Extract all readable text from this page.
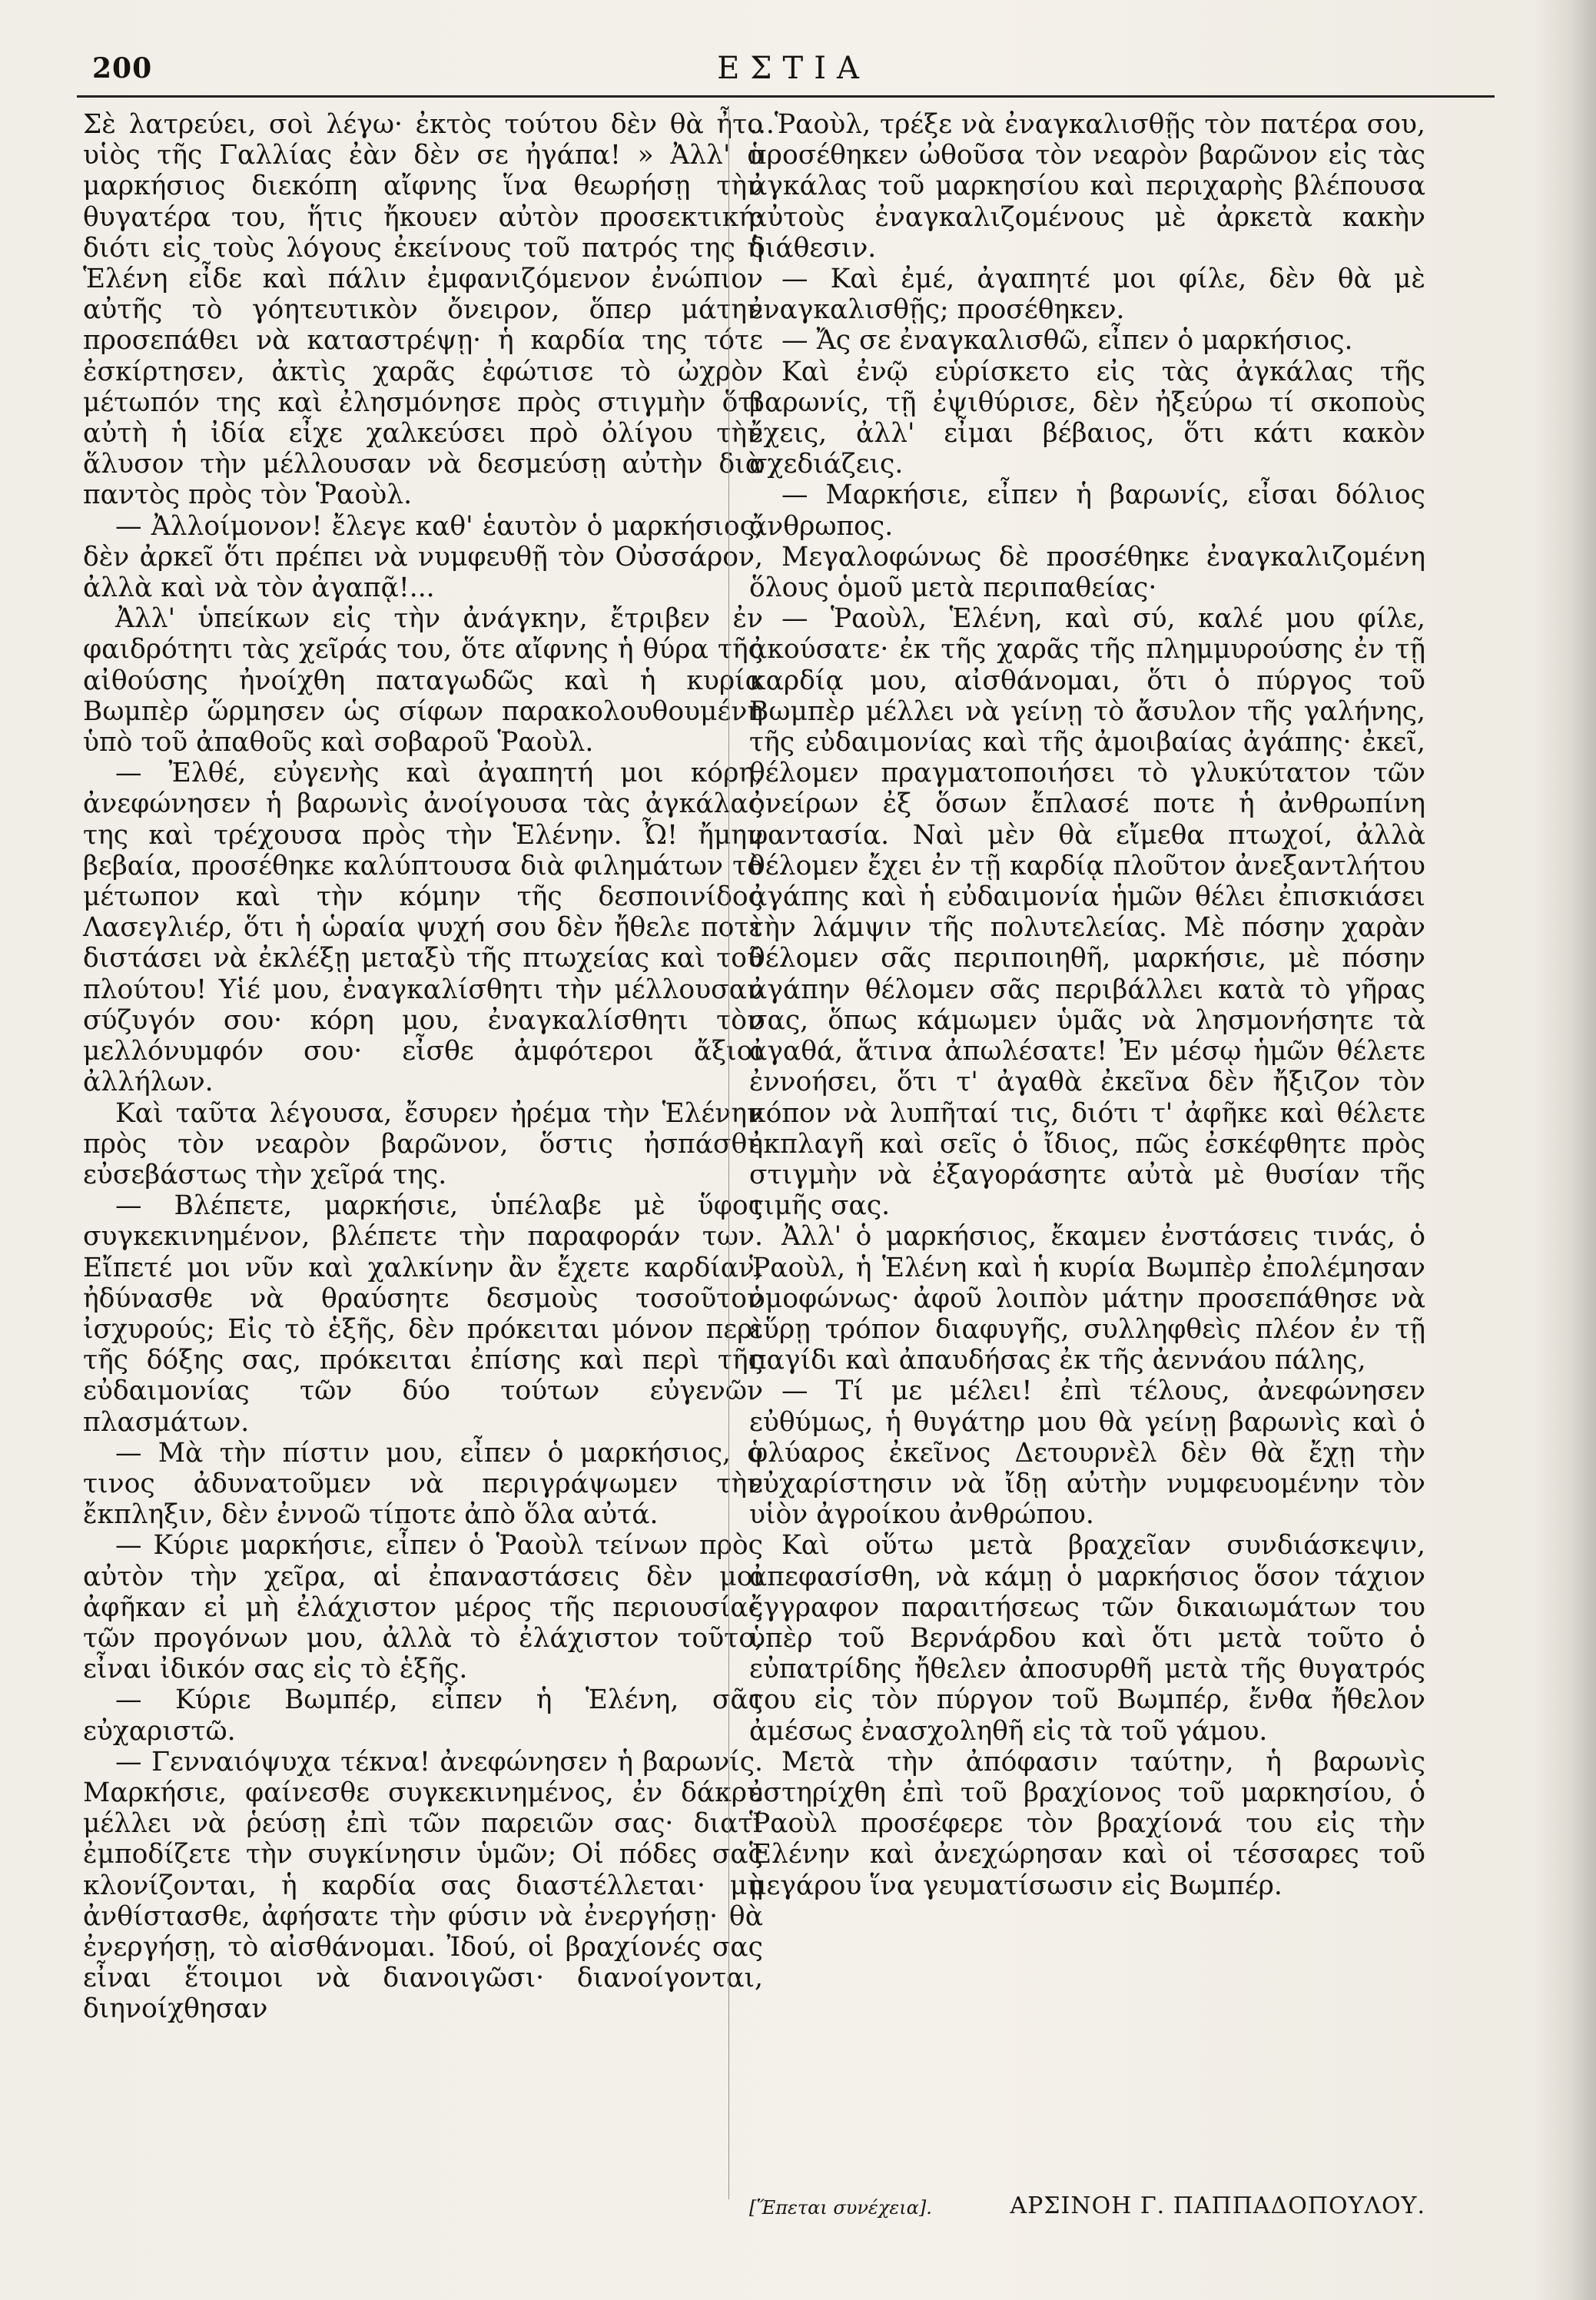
200	ΕΣΤΙΑ

Σὲ λατρεύει, σοὶ λέγω· ἐκτὸς τούτου δὲν θὰ ἦτο υἱὸς τῆς Γαλλίας ἐὰν δὲν σε ἠγάπα! » Ἀλλ' ὁ μαρκήσιος διεκόπη αἴφνης ἵνα θεωρήσῃ τὴν θυγατέρα του, ἥτις ἤκουεν αὐτὸν προσεκτική· διότι εἰς τοὺς λόγους ἐκείνους τοῦ πατρός της ἡ Ἑλένη εἶδε καὶ πάλιν ἐμφανιζόμενον ἐνώπιον αὐτῆς τὸ γόητευτικὸν ὄνειρον, ὅπερ μάτην προσεπάθει νὰ καταστρέψῃ· ἡ καρδία της τότε ἐσκίρτησεν, ἀκτὶς χαρᾶς ἐφώτισε τὸ ὠχρὸν μέτωπόν της καὶ ἐλησμόνησε πρὸς στιγμὴν ὅτι αὐτὴ ἡ ἰδία εἶχε χαλκεύσει πρὸ ὀλίγου τὴν ἅλυσον τὴν μέλλουσαν νὰ δεσμεύσῃ αὐτὴν διὰ παντὸς πρὸς τὸν Ῥαοὺλ.

— Ἀλλοίμονον! ἔλεγε καθ' ἑαυτὸν ὁ μαρκήσιος, δὲν ἀρκεῖ ὅτι πρέπει νὰ νυμφευθῇ τὸν Οὐσσάρον, ἀλλὰ καὶ νὰ τὸν ἀγαπᾷ!...

Ἀλλ' ὑπείκων εἰς τὴν ἀνάγκην, ἔτριβεν ἐν φαιδρότητι τὰς χεῖράς του, ὅτε αἴφνης ἡ θύρα τῆς αἰθούσης ἠνοίχθη παταγωδῶς καὶ ἡ κυρία Βωμπὲρ ὥρμησεν ὡς σίφων παρακολουθουμένη ὑπὸ τοῦ ἀπαθοῦς καὶ σοβαροῦ Ῥαοὺλ.

— Ἐλθέ, εὐγενὴς καὶ ἀγαπητή μοι κόρη, ἀνεφώνησεν ἡ βαρωνὶς ἀνοίγουσα τὰς ἀγκάλας της καὶ τρέχουσα πρὸς τὴν Ἑλένην. Ὦ! ἤμην βεβαία, προσέθηκε καλύπτουσα διὰ φιλημάτων τὸ μέτωπον καὶ τὴν κόμην τῆς δεσποινίδος Λασεγλιέρ, ὅτι ἡ ὡραία ψυχή σου δὲν ἤθελε ποτὲ διστάσει νὰ ἐκλέξῃ μεταξὺ τῆς πτωχείας καὶ τοῦ πλούτου! Υἱέ μου, ἐναγκαλίσθητι τὴν μέλλουσαν σύζυγόν σου· κόρη μου, ἐναγκαλίσθητι τὸν μελλόνυμφόν σου· εἶσθε ἀμφότεροι ἄξιοι ἀλλήλων.

Καὶ ταῦτα λέγουσα, ἔσυρεν ἠρέμα τὴν Ἑλένην πρὸς τὸν νεαρὸν βαρῶνον, ὅστις ἠσπάσθη εὐσεβάστως τὴν χεῖρά της.

— Βλέπετε, μαρκήσιε, ὑπέλαβε μὲ ὕφος συγκεκινημένον, βλέπετε τὴν παραφοράν των. Εἴπετέ μοι νῦν καὶ χαλκίνην ἂν ἔχετε καρδίαν, ἠδύνασθε νὰ θραύσητε δεσμοὺς τοσοῦτον ἰσχυρούς; Εἰς τὸ ἑξῆς, δὲν πρόκειται μόνον περὶ τῆς δόξης σας, πρόκειται ἐπίσης καὶ περὶ τῆς εὐδαιμονίας τῶν δύο τούτων εὐγενῶν πλασμάτων.

— Μὰ τὴν πίστιν μου, εἶπεν ὁ μαρκήσιος, ὁ τινος ἀδυνατοῦμεν νὰ περιγράψωμεν τὴν ἔκπληξιν, δὲν ἐννοῶ τίποτε ἀπὸ ὅλα αὐτά.

— Κύριε μαρκήσιε, εἶπεν ὁ Ῥαοὺλ τείνων πρὸς αὐτὸν τὴν χεῖρα, αἱ ἐπαναστάσεις δὲν μοι ἀφῆκαν εἰ μὴ ἐλάχιστον μέρος τῆς περιουσίας τῶν προγόνων μου, ἀλλὰ τὸ ἐλάχιστον τοῦτο, εἶναι ἰδικόν σας εἰς τὸ ἑξῆς.

— Κύριε Βωμπέρ, εἶπεν ἡ Ἑλένη, σᾶς εὐχαριστῶ.

— Γενναιόψυχα τέκνα! ἀνεφώνησεν ἡ βαρωνίς. Μαρκήσιε, φαίνεσθε συγκεκινημένος, ἐν δάκρυ μέλλει νὰ ῥεύσῃ ἐπὶ τῶν παρειῶν σας· διατί ἐμποδίζετε τὴν συγκίνησιν ὑμῶν; Οἱ πόδες σας κλονίζονται, ἡ καρδία σας διαστέλλεται· μὴ ἀνθίστασθε, ἀφήσατε τὴν φύσιν νὰ ἐνεργήσῃ· θὰ ἐνεργήσῃ, τὸ αἰσθάνομαι. Ἰδού, οἱ βραχίονές σας εἶναι ἕτοιμοι νὰ διανοιγῶσι· διανοίγονται, διηνοίχθησαν

...Ῥαοὺλ, τρέξε νὰ ἐναγκαλισθῇς τὸν πατέρα σου, προσέθηκεν ὠθοῦσα τὸν νεαρὸν βαρῶνον εἰς τὰς ἀγκάλας τοῦ μαρκησίου καὶ περιχαρὴς βλέπουσα αὐτοὺς ἐναγκαλιζομένους μὲ ἀρκετὰ κακὴν διάθεσιν.

— Καὶ ἐμέ, ἀγαπητέ μοι φίλε, δὲν θὰ μὲ ἐναγκαλισθῇς; προσέθηκεν.

— Ἄς σε ἐναγκαλισθῶ, εἶπεν ὁ μαρκήσιος.

Καὶ ἐνῷ εὑρίσκετο εἰς τὰς ἀγκάλας τῆς βαρωνίς, τῇ ἐψιθύρισε, δὲν ἠξεύρω τί σκοποὺς ἔχεις, ἀλλ' εἶμαι βέβαιος, ὅτι κάτι κακὸν σχεδιάζεις.

— Μαρκήσιε, εἶπεν ἡ βαρωνίς, εἶσαι δόλιος ἄνθρωπος.

Μεγαλοφώνως δὲ προσέθηκε ἐναγκαλιζομένη ὅλους ὁμοῦ μετὰ περιπαθείας·

— Ῥαοὺλ, Ἑλένη, καὶ σύ, καλέ μου φίλε, ἀκούσατε· ἐκ τῆς χαρᾶς τῆς πλημμυρούσης ἐν τῇ καρδίᾳ μου, αἰσθάνομαι, ὅτι ὁ πύργος τοῦ Βωμπὲρ μέλλει νὰ γείνῃ τὸ ἄσυλον τῆς γαλήνης, τῆς εὐδαιμονίας καὶ τῆς ἀμοιβαίας ἀγάπης· ἐκεῖ, θέλομεν πραγματοποιήσει τὸ γλυκύτατον τῶν ὀνείρων ἐξ ὅσων ἔπλασέ ποτε ἡ ἀνθρωπίνη φαντασία. Ναὶ μὲν θὰ εἴμεθα πτωχοί, ἀλλὰ θέλομεν ἔχει ἐν τῇ καρδίᾳ πλοῦτον ἀνεξαντλήτου ἀγάπης καὶ ἡ εὐδαιμονία ἡμῶν θέλει ἐπισκιάσει τὴν λάμψιν τῆς πολυτελείας. Μὲ πόσην χαρὰν θέλομεν σᾶς περιποιηθῆ, μαρκήσιε, μὲ πόσην ἀγάπην θέλομεν σᾶς περιβάλλει κατὰ τὸ γῆρας σας, ὅπως κάμωμεν ὑμᾶς νὰ λησμονήσητε τὰ ἀγαθά, ἅτινα ἀπωλέσατε! Ἐν μέσῳ ἡμῶν θέλετε ἐννοήσει, ὅτι τ' ἀγαθὰ ἐκεῖνα δὲν ἤξιζον τὸν κόπον νὰ λυπῆταί τις, διότι τ' ἀφῆκε καὶ θέλετε ἐκπλαγῆ καὶ σεῖς ὁ ἴδιος, πῶς ἐσκέφθητε πρὸς στιγμὴν νὰ ἐξαγοράσητε αὐτὰ μὲ θυσίαν τῆς τιμῆς σας.

Ἀλλ' ὁ μαρκήσιος, ἔκαμεν ἐνστάσεις τινάς, ὁ Ῥαοὺλ, ἡ Ἑλένη καὶ ἡ κυρία Βωμπὲρ ἐπολέμησαν ὁμοφώνως· ἀφοῦ λοιπὸν μάτην προσεπάθησε νὰ εὕρῃ τρόπον διαφυγῆς, συλληφθεὶς πλέον ἐν τῇ παγίδι καὶ ἀπαυδήσας ἐκ τῆς ἀεννάου πάλης,

— Τί με μέλει! ἐπὶ τέλους, ἀνεφώνησεν εὐθύμως, ἡ θυγάτηρ μου θὰ γείνῃ βαρωνὶς καὶ ὁ φλύαρος ἐκεῖνος Δετουρνὲλ δὲν θὰ ἔχῃ τὴν εὐχαρίστησιν νὰ ἴδῃ αὐτὴν νυμφευομένην τὸν υἱὸν ἀγροίκου ἀνθρώπου.

Καὶ οὕτω μετὰ βραχεῖαν συνδιάσκεψιν, ἀπεφασίσθη, νὰ κάμῃ ὁ μαρκήσιος ὅσον τάχιον ἔγγραφον παραιτήσεως τῶν δικαιωμάτων του ὑπὲρ τοῦ Βερνάρδου καὶ ὅτι μετὰ τοῦτο ὁ εὐπατρίδης ἤθελεν ἀποσυρθῆ μετὰ τῆς θυγατρός του εἰς τὸν πύργον τοῦ Βωμπέρ, ἔνθα ἤθελον ἀμέσως ἐνασχοληθῆ εἰς τὰ τοῦ γάμου.

Μετὰ τὴν ἀπόφασιν ταύτην, ἡ βαρωνὶς ἐστηρίχθη ἐπὶ τοῦ βραχίονος τοῦ μαρκησίου, ὁ Ῥαοὺλ προσέφερε τὸν βραχίονά του εἰς τὴν Ἑλένην καὶ ἀνεχώρησαν καὶ οἱ τέσσαρες τοῦ μεγάρου ἵνα γευματίσωσιν εἰς Βωμπέρ.

[Ἕπεται συνέχεια].	ΑΡΣΙΝΟΗ Γ. ΠΑΠΠΑΔΟΠΟΥΛΟΥ.
